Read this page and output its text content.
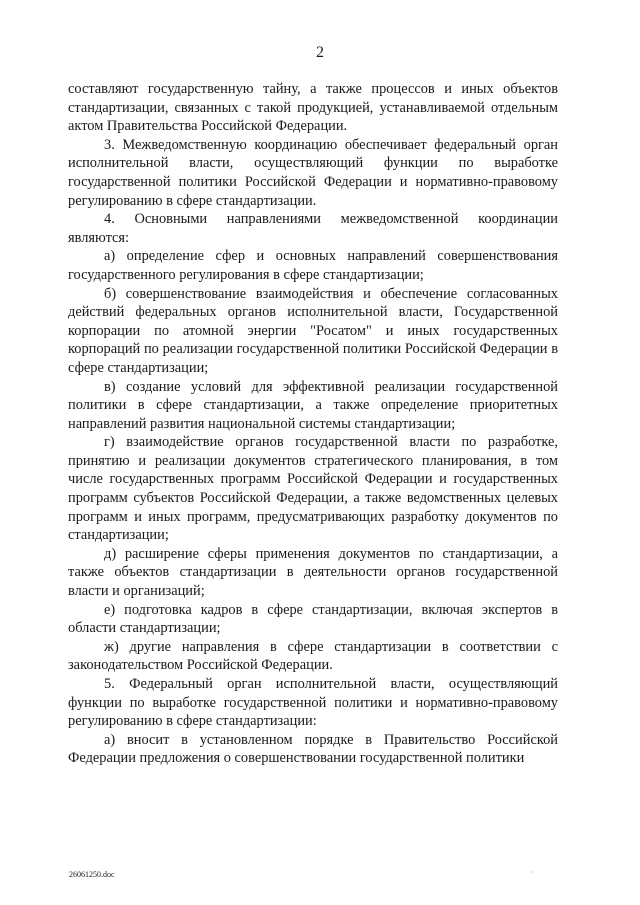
2

составляют государственную тайну, а также процессов и иных объектов стандартизации, связанных с такой продукцией, устанавливаемой отдельным актом Правительства Российской Федерации.

3. Межведомственную координацию обеспечивает федеральный орган исполнительной власти, осуществляющий функции по выработке государственной политики Российской Федерации и нормативно-правовому регулированию в сфере стандартизации.

4. Основными направлениями межведомственной координации являются:

а) определение сфер и основных направлений совершенствования государственного регулирования в сфере стандартизации;

б) совершенствование взаимодействия и обеспечение согласованных действий федеральных органов исполнительной власти, Государственной корпорации по атомной энергии "Росатом" и иных государственных корпораций по реализации государственной политики Российской Федерации в сфере стандартизации;

в) создание условий для эффективной реализации государственной политики в сфере стандартизации, а также определение приоритетных направлений развития национальной системы стандартизации;

г) взаимодействие органов государственной власти по разработке, принятию и реализации документов стратегического планирования, в том числе государственных программ Российской Федерации и государственных программ субъектов Российской Федерации, а также ведомственных целевых программ и иных программ, предусматривающих разработку документов по стандартизации;

д) расширение сферы применения документов по стандартизации, а также объектов стандартизации в деятельности органов государственной власти и организаций;

е) подготовка кадров в сфере стандартизации, включая экспертов в области стандартизации;

ж) другие направления в сфере стандартизации в соответствии с законодательством Российской Федерации.

5. Федеральный орган исполнительной власти, осуществляющий функции по выработке государственной политики и нормативно-правовому регулированию в сфере стандартизации:

а) вносит в установленном порядке в Правительство Российской Федерации предложения о совершенствовании государственной политики

26061250.doc	·
